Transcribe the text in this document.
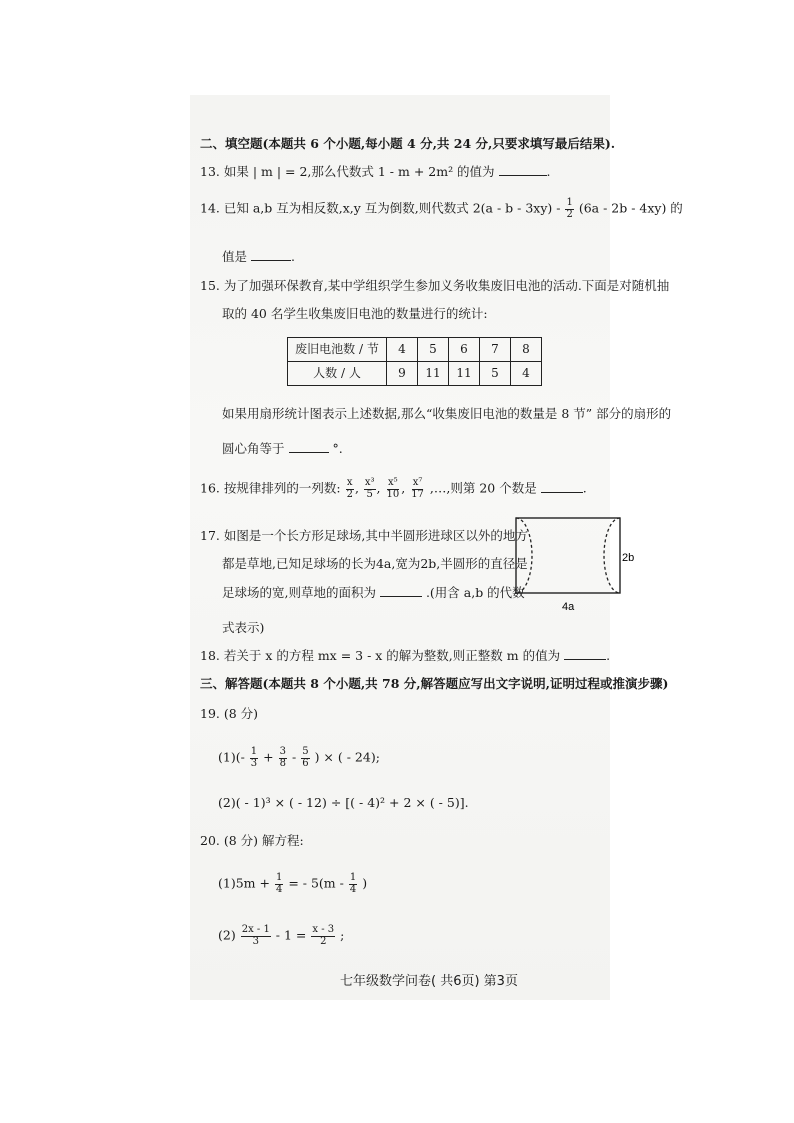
二、填空题(本题共 6 个小题,每小题 4 分,共 24 分,只要求填写最后结果).
13. 如果 | m | = 2,那么代数式 1 - m + 2m² 的值为	.
14. 已知 a,b 互为相反数,x,y 互为倒数,则代数式 2(a - b - $3xy) - \frac{1}{2} (6a - 2b - 4xy)$ 的
值是	.
15. 为了加强环保教育,某中学组织学生参加义务收集废旧电池的活动.下面是对随机抽
取的 40 名学生收集废旧电池的数量进行的统计:
废旧电池数 / 节	4	5	6	7	8
人数 / 人	9	11	11	5	4
如果用扇形统计图表示上述数据,那么“收集废旧电池的数量是 8 节” 部分的扇形的
圆心角等于	°.
16. 按规律排列的一列数: $\frac{x}{2}$ , $\frac{\text{x³}}{5}$ , $\frac{\text{x⁵}}{10}$ , $\frac{\text{x⁷}}{17}$ ,…,则第 20 个数是	.
17. 如图是一个长方形足球场,其中半圆形进球区以外的地方
都是草地,已知足球场的长为4a,宽为2b,半圆形的直径是
足球场的宽,则草地的面积为	.(用含 a,b 的代数
式表示)
2b
4a
18. 若关于 x 的方程 mx = 3 - x 的解为整数,则正整数 m 的值为	.
三、解答题(本题共 8 个小题,共 78 分,解答题应写出文字说明,证明过程或推演步骤)
19. (8 分)
$(1)(- \frac{1}{3} + \frac{3}{8} - \frac{5}{6}$ ) × ( - 24);
(2)( - 1)³ × ( - 12) ÷ [( - 4)² + 2 × ( - 5)].
20. (8 分) 解方程:
$(1)5m + \frac{1}{4}$ = - $5(m - \frac{1}{4}$ )
$(2) \frac{2x - 1}{3} - 1 = \frac{x - 3}{2}$ ;
七年级数学问卷( 共6页) 第3页
